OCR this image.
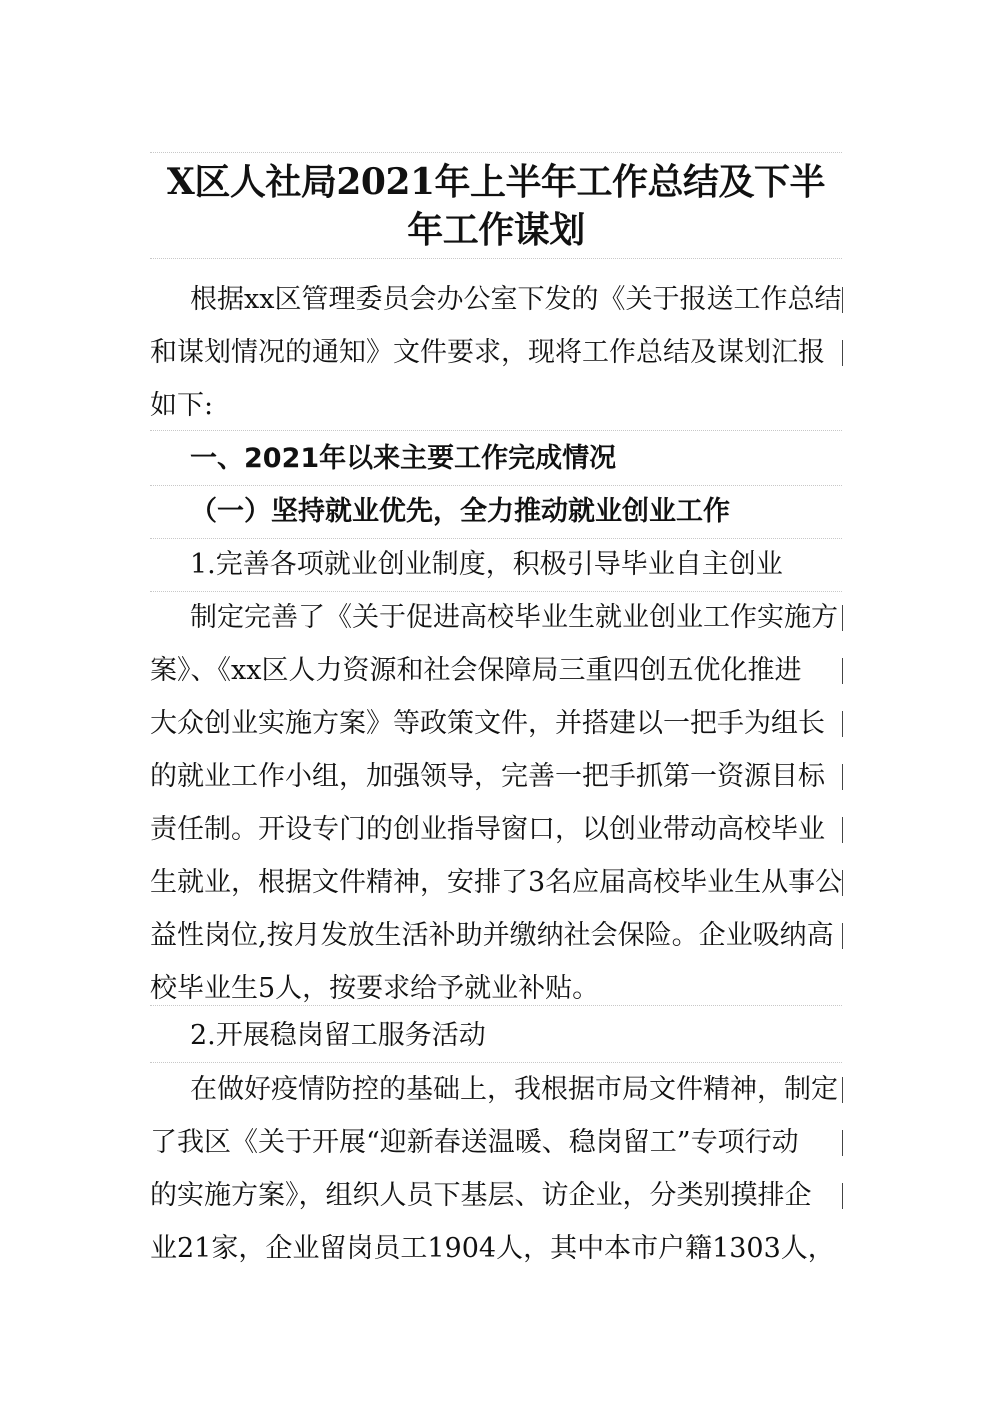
X区人社局2021年上半年工作总结及下半
年工作谋划

根据xx区管理委员会办公室下发的《关于报送工作总结

和谋划情况的通知》文件要求，现将工作总结及谋划汇报

如下:

一、2021年以来主要工作完成情况

（一）坚持就业优先，全力推动就业创业工作

1.完善各项就业创业制度，积极引导毕业自主创业

制定完善了《关于促进高校毕业生就业创业工作实施方

案》、《xx区人力资源和社会保障局三重四创五优化推进

大众创业实施方案》等政策文件，并搭建以一把手为组长

的就业工作小组，加强领导，完善一把手抓第一资源目标

责任制。开设专门的创业指导窗口，以创业带动高校毕业

生就业，根据文件精神，安排了3名应届高校毕业生从事公

益性岗位,按月发放生活补助并缴纳社会保险。企业吸纳高

校毕业生5人，按要求给予就业补贴。

2.开展稳岗留工服务活动

在做好疫情防控的基础上，我根据市局文件精神，制定

了我区《关于开展“迎新春送温暖、稳岗留工”专项行动

的实施方案》，组织人员下基层、访企业，分类别摸排企

业21家，企业留岗员工1904人，其中本市户籍1303人，
